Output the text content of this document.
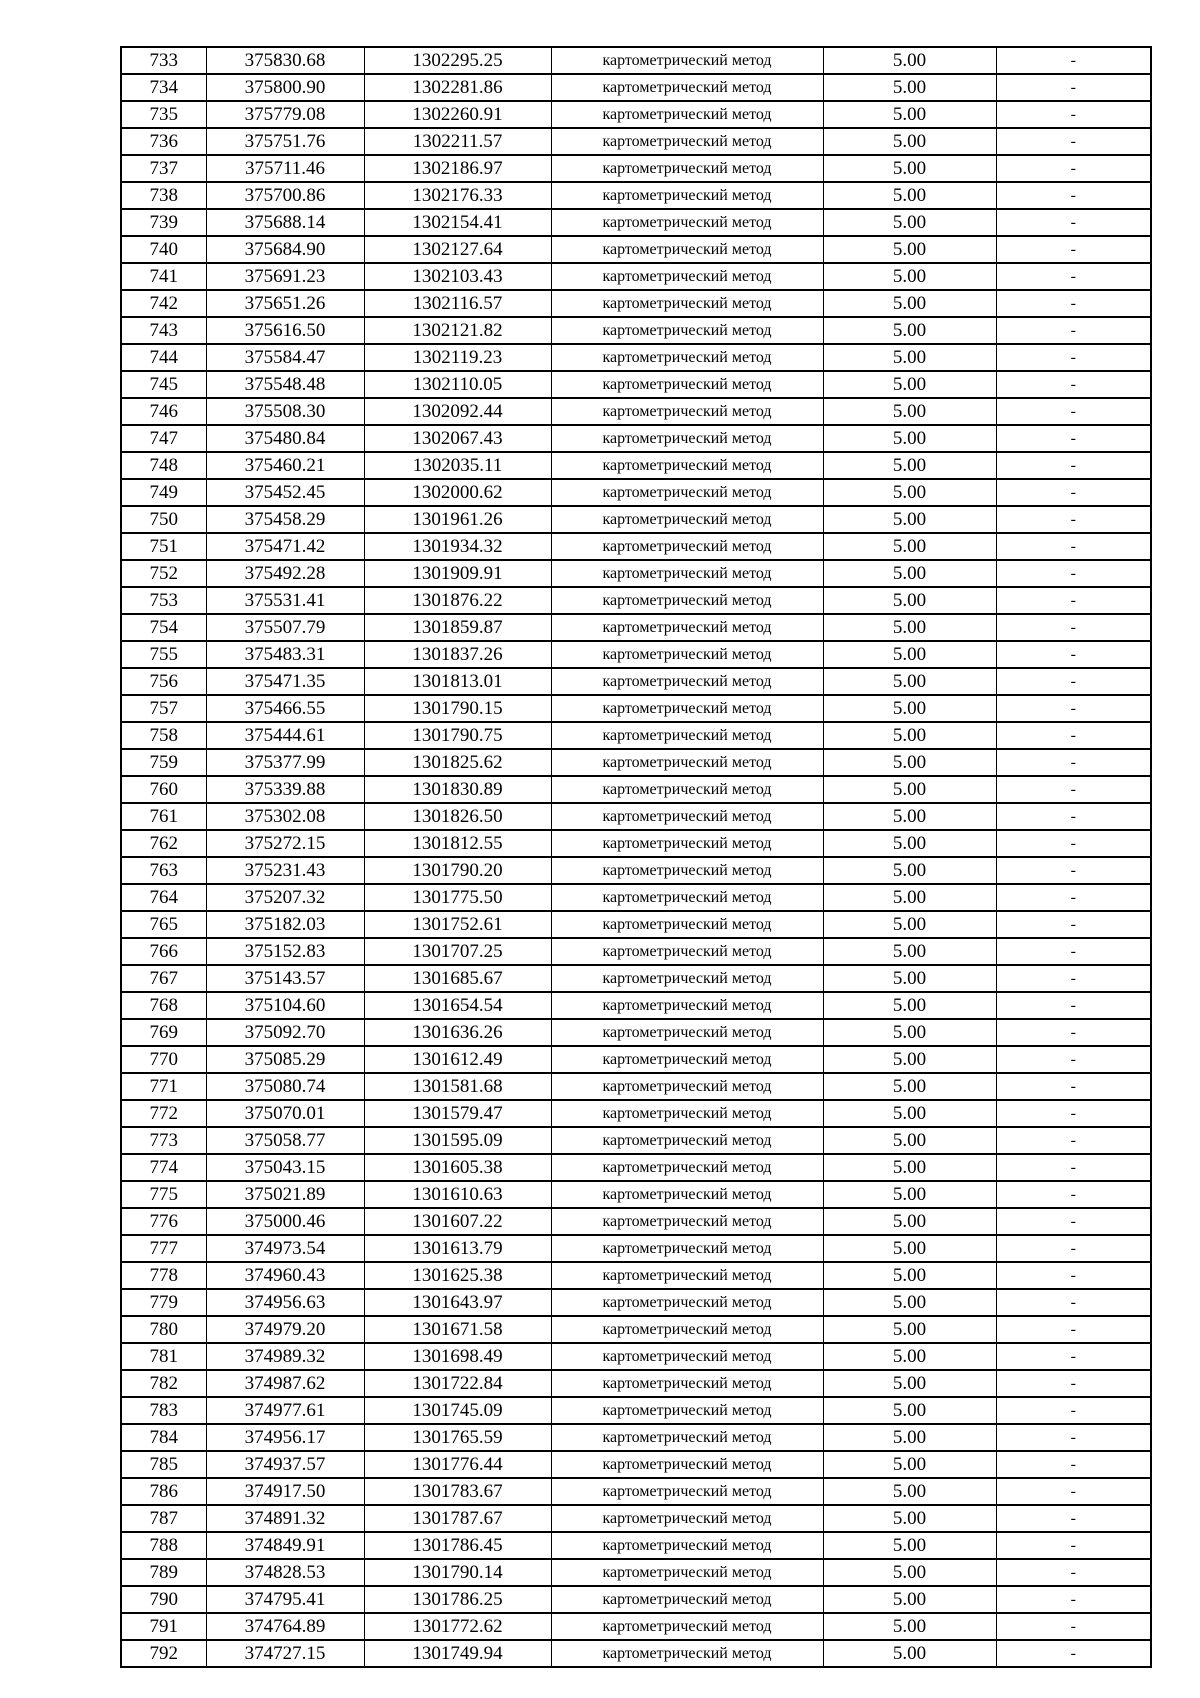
733	375830.68	1302295.25	картометрический метод	5.00	-
734	375800.90	1302281.86	картометрический метод	5.00	-
735	375779.08	1302260.91	картометрический метод	5.00	-
736	375751.76	1302211.57	картометрический метод	5.00	-
737	375711.46	1302186.97	картометрический метод	5.00	-
738	375700.86	1302176.33	картометрический метод	5.00	-
739	375688.14	1302154.41	картометрический метод	5.00	-
740	375684.90	1302127.64	картометрический метод	5.00	-
741	375691.23	1302103.43	картометрический метод	5.00	-
742	375651.26	1302116.57	картометрический метод	5.00	-
743	375616.50	1302121.82	картометрический метод	5.00	-
744	375584.47	1302119.23	картометрический метод	5.00	-
745	375548.48	1302110.05	картометрический метод	5.00	-
746	375508.30	1302092.44	картометрический метод	5.00	-
747	375480.84	1302067.43	картометрический метод	5.00	-
748	375460.21	1302035.11	картометрический метод	5.00	-
749	375452.45	1302000.62	картометрический метод	5.00	-
750	375458.29	1301961.26	картометрический метод	5.00	-
751	375471.42	1301934.32	картометрический метод	5.00	-
752	375492.28	1301909.91	картометрический метод	5.00	-
753	375531.41	1301876.22	картометрический метод	5.00	-
754	375507.79	1301859.87	картометрический метод	5.00	-
755	375483.31	1301837.26	картометрический метод	5.00	-
756	375471.35	1301813.01	картометрический метод	5.00	-
757	375466.55	1301790.15	картометрический метод	5.00	-
758	375444.61	1301790.75	картометрический метод	5.00	-
759	375377.99	1301825.62	картометрический метод	5.00	-
760	375339.88	1301830.89	картометрический метод	5.00	-
761	375302.08	1301826.50	картометрический метод	5.00	-
762	375272.15	1301812.55	картометрический метод	5.00	-
763	375231.43	1301790.20	картометрический метод	5.00	-
764	375207.32	1301775.50	картометрический метод	5.00	-
765	375182.03	1301752.61	картометрический метод	5.00	-
766	375152.83	1301707.25	картометрический метод	5.00	-
767	375143.57	1301685.67	картометрический метод	5.00	-
768	375104.60	1301654.54	картометрический метод	5.00	-
769	375092.70	1301636.26	картометрический метод	5.00	-
770	375085.29	1301612.49	картометрический метод	5.00	-
771	375080.74	1301581.68	картометрический метод	5.00	-
772	375070.01	1301579.47	картометрический метод	5.00	-
773	375058.77	1301595.09	картометрический метод	5.00	-
774	375043.15	1301605.38	картометрический метод	5.00	-
775	375021.89	1301610.63	картометрический метод	5.00	-
776	375000.46	1301607.22	картометрический метод	5.00	-
777	374973.54	1301613.79	картометрический метод	5.00	-
778	374960.43	1301625.38	картометрический метод	5.00	-
779	374956.63	1301643.97	картометрический метод	5.00	-
780	374979.20	1301671.58	картометрический метод	5.00	-
781	374989.32	1301698.49	картометрический метод	5.00	-
782	374987.62	1301722.84	картометрический метод	5.00	-
783	374977.61	1301745.09	картометрический метод	5.00	-
784	374956.17	1301765.59	картометрический метод	5.00	-
785	374937.57	1301776.44	картометрический метод	5.00	-
786	374917.50	1301783.67	картометрический метод	5.00	-
787	374891.32	1301787.67	картометрический метод	5.00	-
788	374849.91	1301786.45	картометрический метод	5.00	-
789	374828.53	1301790.14	картометрический метод	5.00	-
790	374795.41	1301786.25	картометрический метод	5.00	-
791	374764.89	1301772.62	картометрический метод	5.00	-
792	374727.15	1301749.94	картометрический метод	5.00	-
